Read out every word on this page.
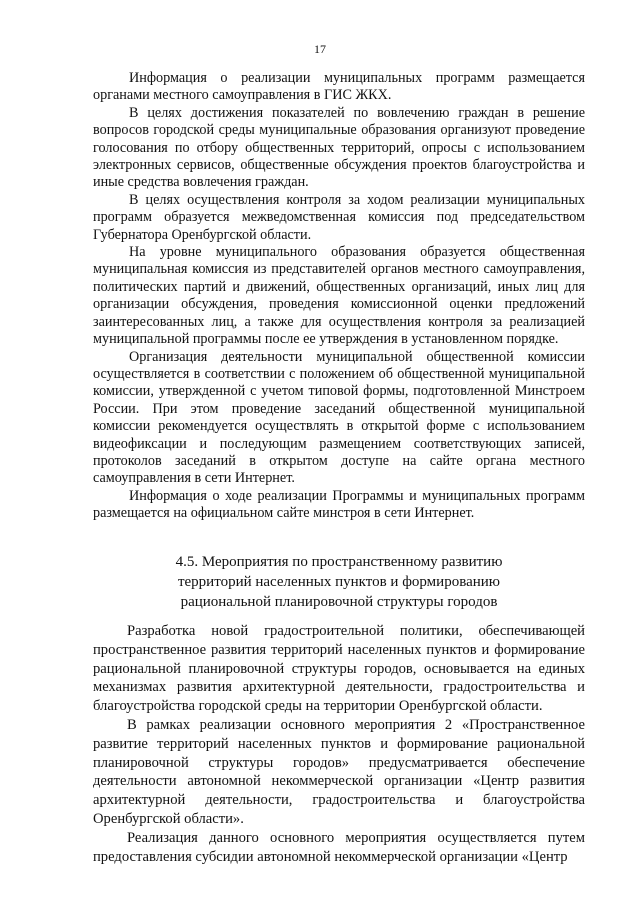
17

Информация о реализации муниципальных программ размещается органами местного самоуправления в ГИС ЖКХ.

В целях достижения показателей по вовлечению граждан в решение вопросов городской среды муниципальные образования организуют проведение голосования по отбору общественных территорий, опросы с использованием электронных сервисов, общественные обсуждения проектов благоустройства и иные средства вовлечения граждан.

В целях осуществления контроля за ходом реализации муниципальных программ образуется межведомственная комиссия под председательством Губернатора Оренбургской области.

На уровне муниципального образования образуется общественная муниципальная комиссия из представителей органов местного самоуправления, политических партий и движений, общественных организаций, иных лиц для организации обсуждения, проведения комиссионной оценки предложений заинтересованных лиц, а также для осуществления контроля за реализацией муниципальной программы после ее утверждения в установленном порядке.

Организация деятельности муниципальной общественной комиссии осуществляется в соответствии с положением об общественной муниципальной комиссии, утвержденной с учетом типовой формы, подготовленной Минстроем России. При этом проведение заседаний общественной муниципальной комиссии рекомендуется осуществлять в открытой форме с использованием видеофиксации и последующим размещением соответствующих записей, протоколов заседаний в открытом доступе на сайте органа местного самоуправления в сети Интернет.

Информация о ходе реализации Программы и муниципальных программ размещается на официальном сайте минстроя в сети Интернет.

4.5. Мероприятия по пространственному развитию
территорий населенных пунктов и формированию
рациональной планировочной структуры городов

Разработка новой градостроительной политики, обеспечивающей пространственное развития территорий населенных пунктов и формирование рациональной планировочной структуры городов, основывается на единых механизмах развития архитектурной деятельности, градостроительства и благоустройства городской среды на территории Оренбургской области.

В рамках реализации основного мероприятия 2 «Пространственное развитие территорий населенных пунктов и формирование рациональной планировочной структуры городов» предусматривается обеспечение деятельности автономной некоммерческой организации «Центр развития архитектурной деятельности, градостроительства и благоустройства Оренбургской области».

Реализация данного основного мероприятия осуществляется путем предоставления субсидии автономной некоммерческой организации «Центр
